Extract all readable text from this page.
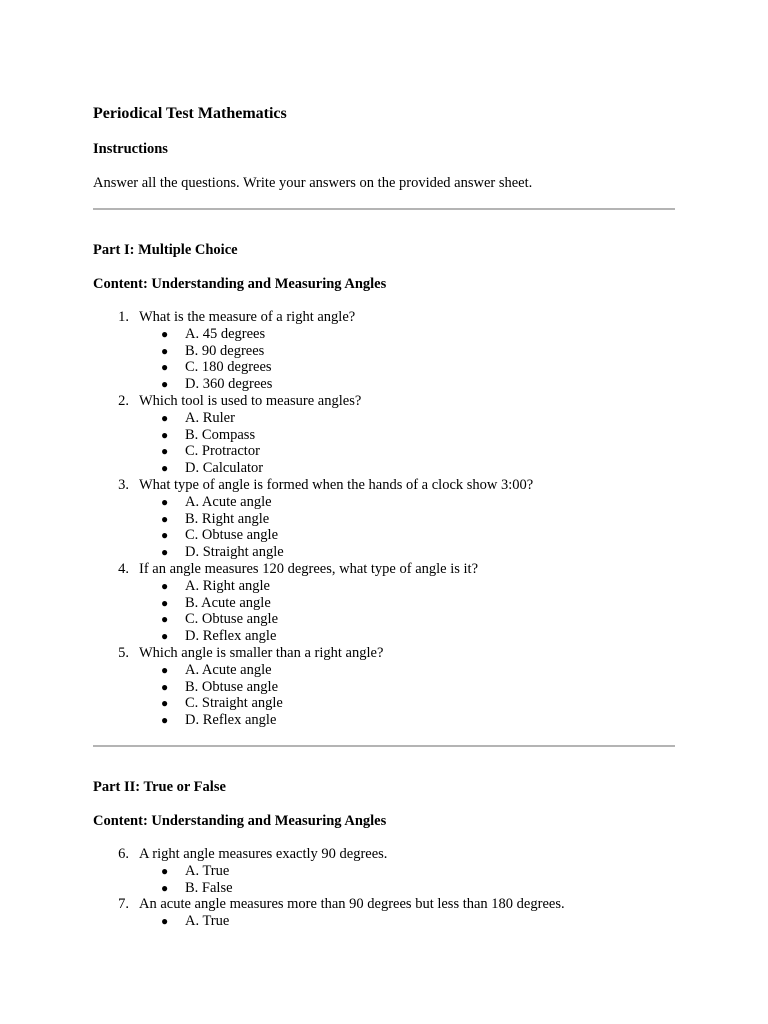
Periodical Test Mathematics

Instructions

Answer all the questions. Write your answers on the provided answer sheet.

Part I: Multiple Choice

Content: Understanding and Measuring Angles

1. What is the measure of a right angle?
● A. 45 degrees
● B. 90 degrees
● C. 180 degrees
● D. 360 degrees
2. Which tool is used to measure angles?
● A. Ruler
● B. Compass
● C. Protractor
● D. Calculator
3. What type of angle is formed when the hands of a clock show 3:00?
● A. Acute angle
● B. Right angle
● C. Obtuse angle
● D. Straight angle
4. If an angle measures 120 degrees, what type of angle is it?
● A. Right angle
● B. Acute angle
● C. Obtuse angle
● D. Reflex angle
5. Which angle is smaller than a right angle?
● A. Acute angle
● B. Obtuse angle
● C. Straight angle
● D. Reflex angle

Part II: True or False

Content: Understanding and Measuring Angles

6. A right angle measures exactly 90 degrees.
● A. True
● B. False
7. An acute angle measures more than 90 degrees but less than 180 degrees.
● A. True
